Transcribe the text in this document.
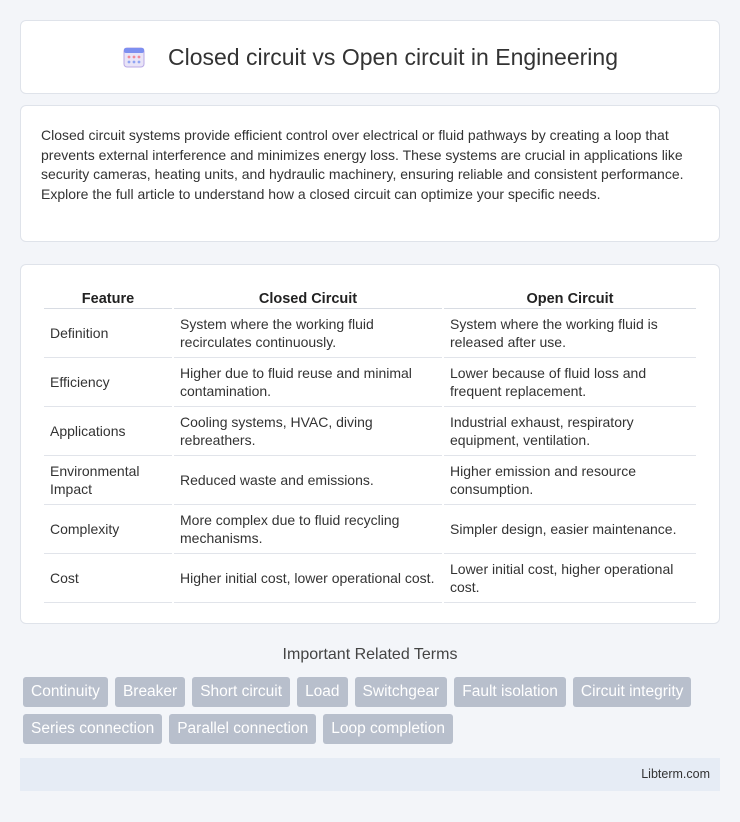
Closed circuit vs Open circuit in Engineering

Closed circuit systems provide efficient control over electrical or fluid pathways by creating a loop that prevents external interference and minimizes energy loss. These systems are crucial in applications like security cameras, heating units, and hydraulic machinery, ensuring reliable and consistent performance. Explore the full article to understand how a closed circuit can optimize your specific needs.

Feature	Closed Circuit	Open Circuit
Definition	System where the working fluid recirculates continuously.	System where the working fluid is released after use.
Efficiency	Higher due to fluid reuse and minimal contamination.	Lower because of fluid loss and frequent replacement.
Applications	Cooling systems, HVAC, diving rebreathers.	Industrial exhaust, respiratory equipment, ventilation.
Environmental Impact	Reduced waste and emissions.	Higher emission and resource consumption.
Complexity	More complex due to fluid recycling mechanisms.	Simpler design, easier maintenance.
Cost	Higher initial cost, lower operational cost.	Lower initial cost, higher operational cost.
Important Related Terms
Continuity	Breaker	Short circuit	Load	Switchgear	Fault isolation	Circuit integrity
Series connection	Parallel connection	Loop completion
Libterm.com
